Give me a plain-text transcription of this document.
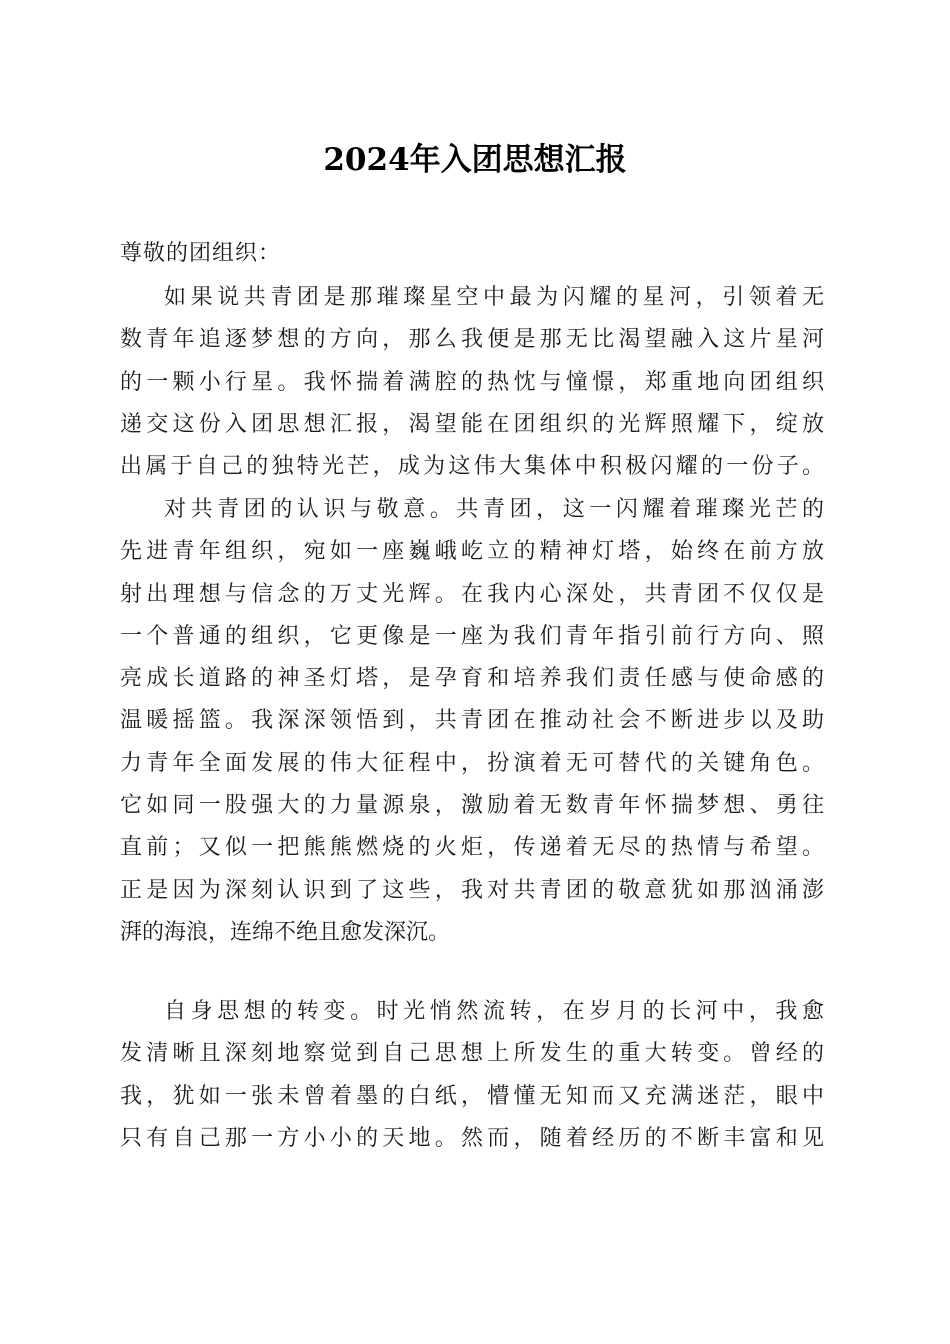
2024年入团思想汇报
尊敬的团组织：
如果说共青团是那璀璨星空中最为闪耀的星河，引领着无
数青年追逐梦想的方向，那么我便是那无比渴望融入这片星河
的一颗小行星。我怀揣着满腔的热忱与憧憬，郑重地向团组织
递交这份入团思想汇报，渴望能在团组织的光辉照耀下，绽放
出属于自己的独特光芒，成为这伟大集体中积极闪耀的一份子。
对共青团的认识与敬意。共青团，这一闪耀着璀璨光芒的
先进青年组织，宛如一座巍峨屹立的精神灯塔，始终在前方放
射出理想与信念的万丈光辉。在我内心深处，共青团不仅仅是
一个普通的组织，它更像是一座为我们青年指引前行方向、照
亮成长道路的神圣灯塔，是孕育和培养我们责任感与使命感的
温暖摇篮。我深深领悟到，共青团在推动社会不断进步以及助
力青年全面发展的伟大征程中，扮演着无可替代的关键角色。
它如同一股强大的力量源泉，激励着无数青年怀揣梦想、勇往
直前；又似一把熊熊燃烧的火炬，传递着无尽的热情与希望。
正是因为深刻认识到了这些，我对共青团的敬意犹如那汹涌澎
湃的海浪，连绵不绝且愈发深沉。
自身思想的转变。时光悄然流转，在岁月的长河中，我愈
发清晰且深刻地察觉到自己思想上所发生的重大转变。曾经的
我，犹如一张未曾着墨的白纸，懵懂无知而又充满迷茫，眼中
只有自己那一方小小的天地。然而，随着经历的不断丰富和见
